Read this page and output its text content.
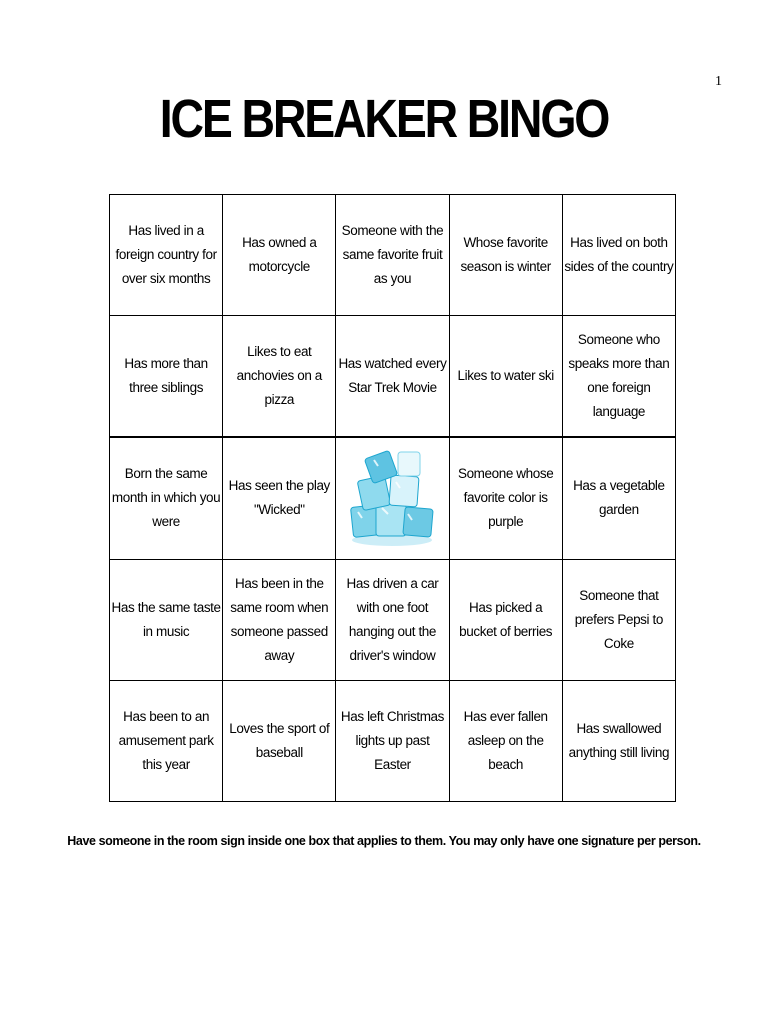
1
ICE BREAKER BINGO
Has lived in a foreign country for over six months	Has owned a motorcycle	Someone with the same favorite fruit as you	Whose favorite season is winter	Has lived on both sides of the country
Has more than three siblings	Likes to eat anchovies on a pizza	Has watched every Star Trek Movie	Likes to water ski	Someone who speaks more than one foreign language
Born the same month in which you were	Has seen the play "Wicked"		Someone whose favorite color is purple	Has a vegetable garden
Has the same taste in music	Has been in the same room when someone passed away	Has driven a car with one foot hanging out the driver's window	Has picked a bucket of berries	Someone that prefers Pepsi to Coke
Has been to an amusement park this year	Loves the sport of baseball	Has left Christmas lights up past Easter	Has ever fallen asleep on the beach	Has swallowed anything still living
Have someone in the room sign inside one box that applies to them. You may only have one signature per person.
